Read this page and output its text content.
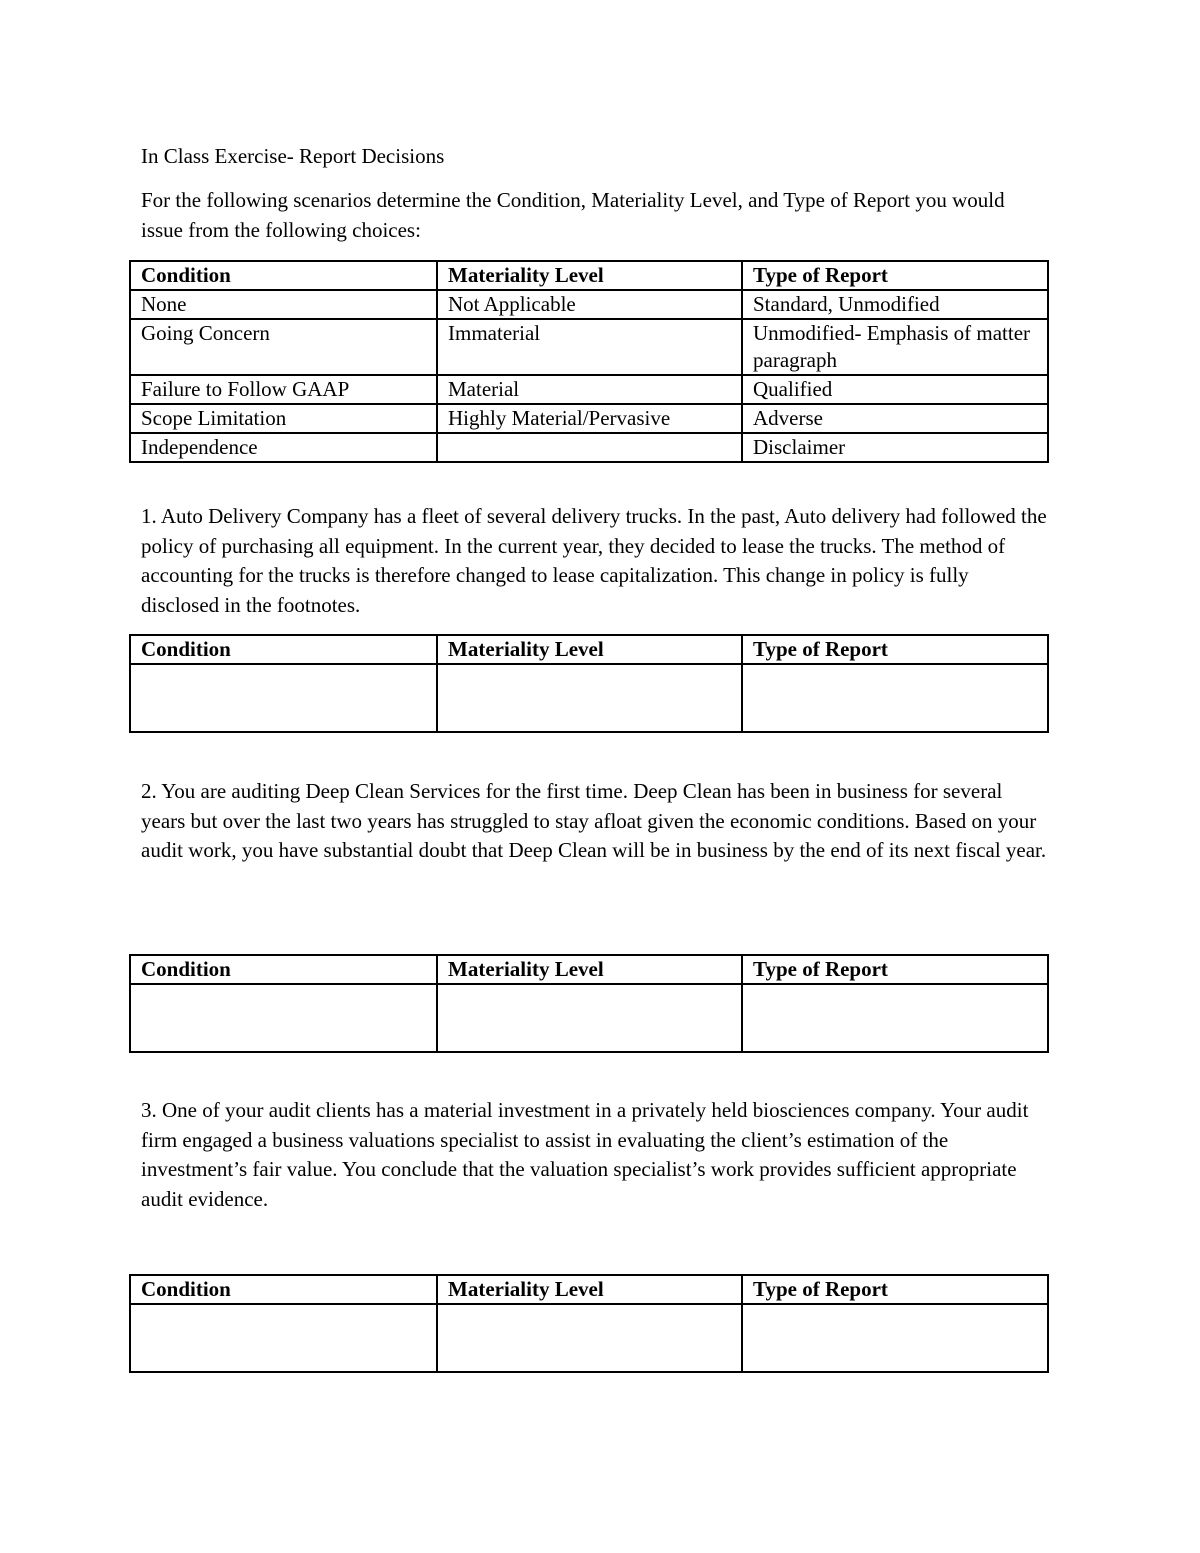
In Class Exercise- Report Decisions

For the following scenarios determine the Condition, Materiality Level, and Type of Report you would issue from the following choices:

Condition	Materiality Level	Type of Report
None	Not Applicable	Standard, Unmodified
Going Concern	Immaterial	Unmodified- Emphasis of matter paragraph
Failure to Follow GAAP	Material	Qualified
Scope Limitation	Highly Material/Pervasive	Adverse
Independence		Disclaimer

1. Auto Delivery Company has a fleet of several delivery trucks. In the past, Auto delivery had followed the policy of purchasing all equipment. In the current year, they decided to lease the trucks. The method of accounting for the trucks is therefore changed to lease capitalization. This change in policy is fully disclosed in the footnotes.

Condition	Materiality Level	Type of Report

2. You are auditing Deep Clean Services for the first time. Deep Clean has been in business for several years but over the last two years has struggled to stay afloat given the economic conditions. Based on your audit work, you have substantial doubt that Deep Clean will be in business by the end of its next fiscal year.

Condition	Materiality Level	Type of Report

3. One of your audit clients has a material investment in a privately held biosciences company. Your audit firm engaged a business valuations specialist to assist in evaluating the client’s estimation of the investment’s fair value. You conclude that the valuation specialist’s work provides sufficient appropriate audit evidence.

Condition	Materiality Level	Type of Report
